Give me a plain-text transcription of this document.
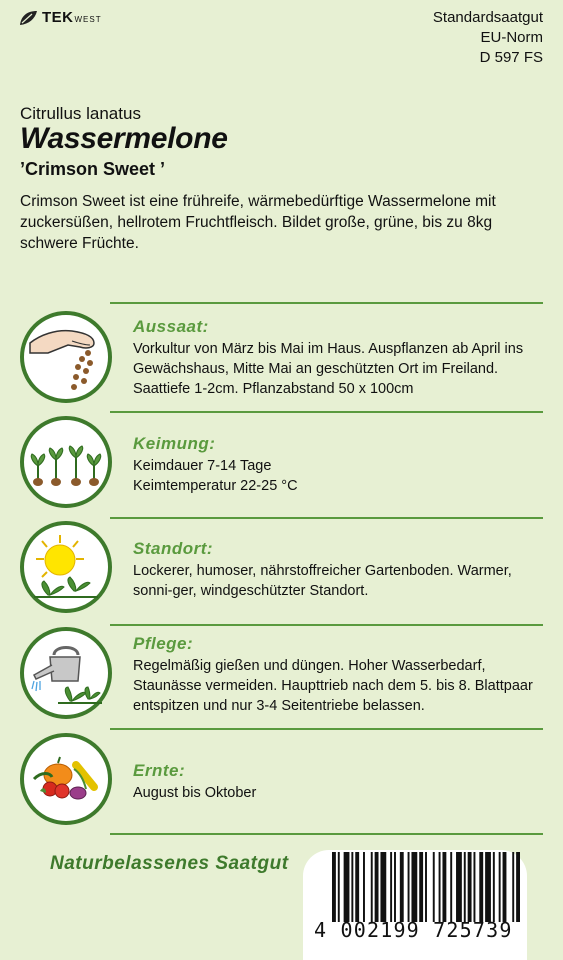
TEKWEST	Standardsaatgut
EU-Norm
D 597 FS
Citrullus lanatus
Wassermelone
’Crimson Sweet ’
Crimson Sweet ist eine frühreife, wärmebedürftige Wassermelone mit zuckersüßen, hellrotem Fruchtfleisch. Bildet große, grüne, bis zu 8kg schwere Früchte.
Aussaat:
Vorkultur von März bis Mai im Haus. Auspflanzen ab April ins Gewächshaus, Mitte Mai an geschützten Ort im Freiland. Saattiefe 1-2cm. Pflanzabstand 50 x 100cm
Keimung:
Keimdauer 7-14 Tage
Keimtemperatur 22-25 °C
Standort:
Lockerer, humoser, nährstoffreicher Gartenboden. Warmer, sonni-ger, windgeschützter Standort.
Pflege:
Regelmäßig gießen und düngen. Hoher Wasserbedarf, Staunässe vermeiden. Haupttrieb nach dem 5. bis 8. Blattpaar entspitzen und nur 3-4 Seitentriebe belassen.
Ernte:
August bis Oktober
Naturbelassenes Saatgut
4 002199 725739
